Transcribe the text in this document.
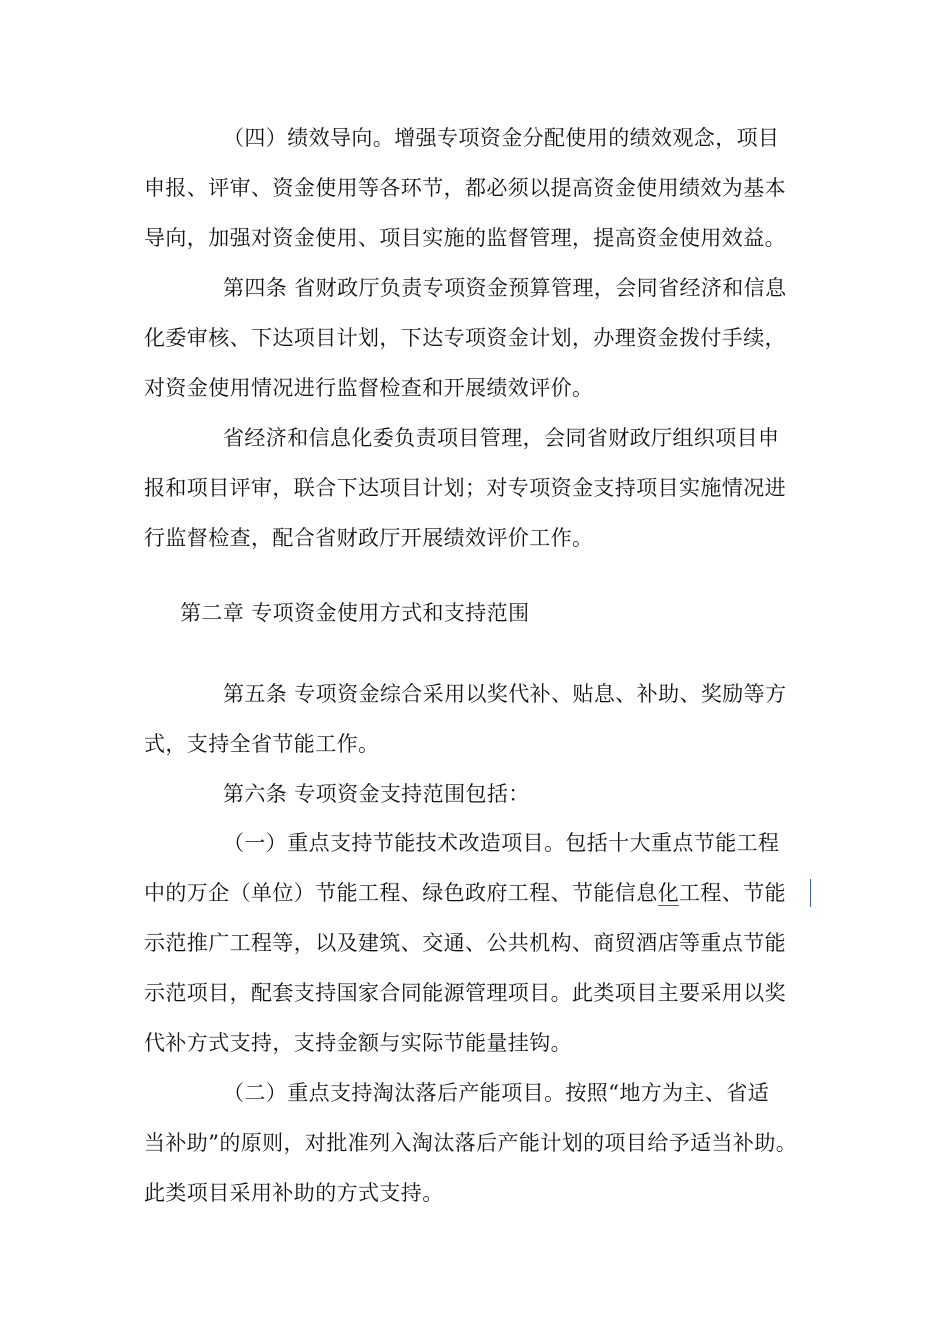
（四）绩效导向。增强专项资金分配使用的绩效观念，项目
申报、评审、资金使用等各环节，都必须以提高资金使用绩效为基本
导向，加强对资金使用、项目实施的监督管理，提高资金使用效益。
第四条 省财政厅负责专项资金预算管理，会同省经济和信息
化委审核、下达项目计划，下达专项资金计划，办理资金拨付手续，
对资金使用情况进行监督检查和开展绩效评价。
省经济和信息化委负责项目管理，会同省财政厅组织项目申
报和项目评审，联合下达项目计划；对专项资金支持项目实施情况进
行监督检查，配合省财政厅开展绩效评价工作。
第二章 专项资金使用方式和支持范围
第五条 专项资金综合采用以奖代补、贴息、补助、奖励等方
式，支持全省节能工作。
第六条 专项资金支持范围包括：
（一）重点支持节能技术改造项目。包括十大重点节能工程
中的万企（单位）节能工程、绿色政府工程、节能信息化工程、节能
示范推广工程等，以及建筑、交通、公共机构、商贸酒店等重点节能
示范项目，配套支持国家合同能源管理项目。此类项目主要采用以奖
代补方式支持，支持金额与实际节能量挂钩。
（二）重点支持淘汰落后产能项目。按照“地方为主、省适
当补助”的原则，对批准列入淘汰落后产能计划的项目给予适当补助。
此类项目采用补助的方式支持。
